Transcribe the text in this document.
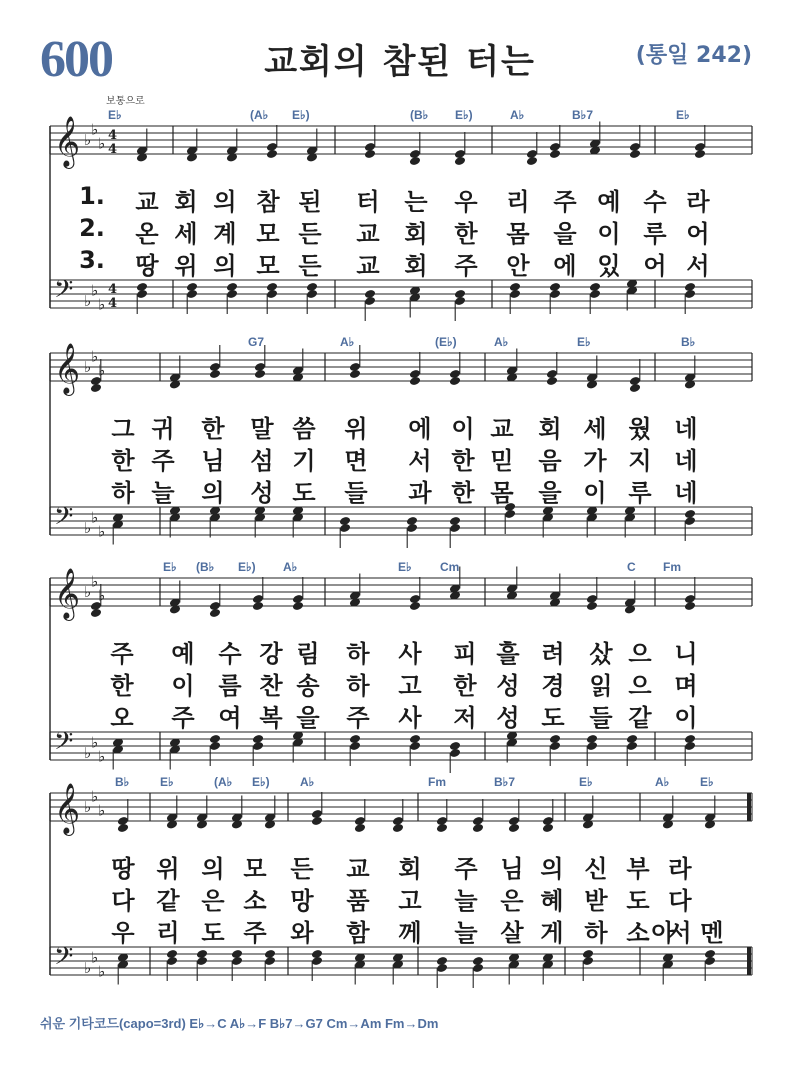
600
보통으로
교회의 참된 터는	(통일 242)
E♭	(A♭ E♭)	(B♭ E♭)	A♭	B♭7	E♭
𝄞 ♭
♭
♭
𝄢 ♭
♭
♭
4
4
4
4
1. 교 회 의 참 된 터 는 우 리 주 예 수 라
2. 온 세 계 모 든 교 회 한 몸 을 이 루 어
3. 땅 위 의 모 든 교 회 주 안 에 있 어 서
G7	A♭	(E♭)	A♭	E♭	B♭
𝄞 ♭
♭
♭
𝄢 ♭
♭
♭
그 귀 한 말 씀 위 에 이 교 회 세 웠 네
한 주 님 섬 기 면 서 한 믿 음 가 지 네
하 늘 의 성 도 들 과 한 몸 을 이 루 네
E♭ (B♭ E♭) A♭	E♭ Cm	C Fm
𝄞 ♭
♭
♭
𝄢 ♭
♭
♭
주 예 수 강 림 하 사 피 흘 려 샀 으 니
한 이 름 찬 송 하 고 한 성 경 읽 으 며
오 주 여 복 을 주 사 저 성 도 들 같 이
B♭	E♭	(A♭ E♭)	A♭	Fm	B♭7	E♭	A♭	E♭
𝄞 ♭
♭
♭
𝄢 ♭
♭
♭
땅 위 의 모 든 교 회 주 님 의 신 부 라
다 같 은 소 망 품 고 늘 은 혜 받 도 다
우 리 도 주 와 함 께 늘 살 게 하 소 서
아 멘
쉬운 기타코드(capo=3rd) E♭→C A♭→F B♭7→G7 Cm→Am Fm→Dm
